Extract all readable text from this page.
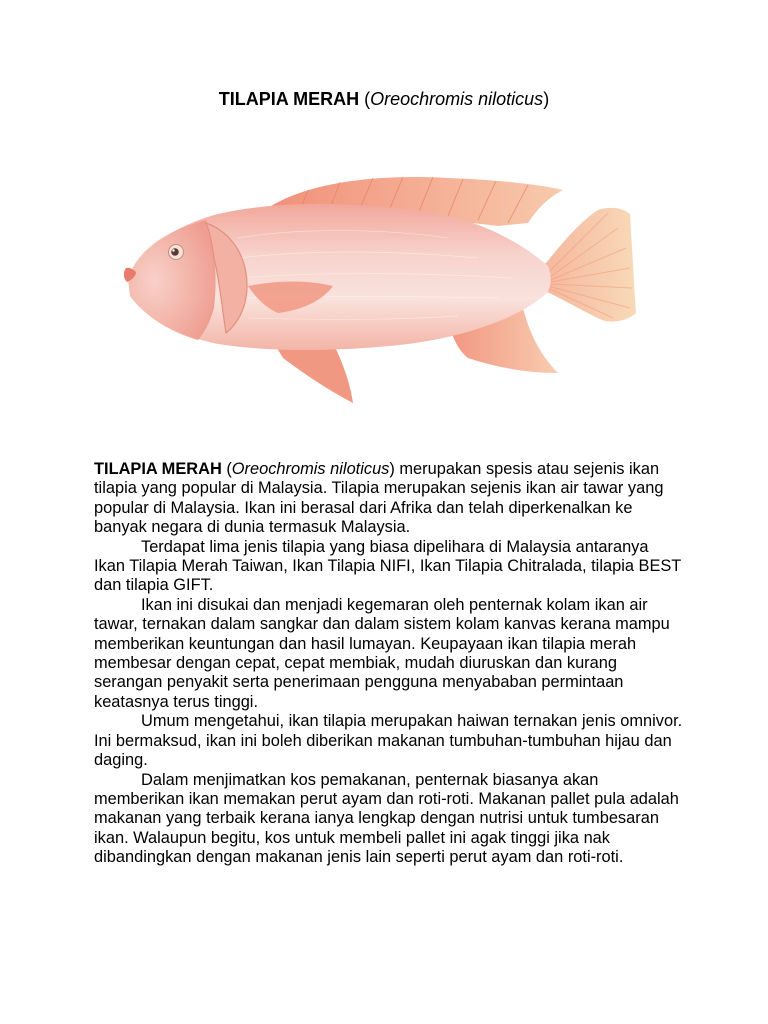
TILAPIA MERAH (Oreochromis niloticus)

TILAPIA MERAH (Oreochromis niloticus) merupakan spesis atau sejenis ikan tilapia yang popular di Malaysia. Tilapia merupakan sejenis ikan air tawar yang popular di Malaysia. Ikan ini berasal dari Afrika dan telah diperkenalkan ke banyak negara di dunia termasuk Malaysia.

Terdapat lima jenis tilapia yang biasa dipelihara di Malaysia antaranya Ikan Tilapia Merah Taiwan, Ikan Tilapia NIFI, Ikan Tilapia Chitralada, tilapia BEST dan tilapia GIFT.

Ikan ini disukai dan menjadi kegemaran oleh penternak kolam ikan air tawar, ternakan dalam sangkar dan dalam sistem kolam kanvas kerana mampu memberikan keuntungan dan hasil lumayan. Keupayaan ikan tilapia merah membesar dengan cepat, cepat membiak, mudah diuruskan dan kurang serangan penyakit serta penerimaan pengguna menyababan permintaan keatasnya terus tinggi.

Umum mengetahui, ikan tilapia merupakan haiwan ternakan jenis omnivor. Ini bermaksud, ikan ini boleh diberikan makanan tumbuhan-tumbuhan hijau dan daging.

Dalam menjimatkan kos pemakanan, penternak biasanya akan memberikan ikan memakan perut ayam dan roti-roti. Makanan pallet pula adalah makanan yang terbaik kerana ianya lengkap dengan nutrisi untuk tumbesaran ikan. Walaupun begitu, kos untuk membeli pallet ini agak tinggi jika nak dibandingkan dengan makanan jenis lain seperti perut ayam dan roti-roti.
